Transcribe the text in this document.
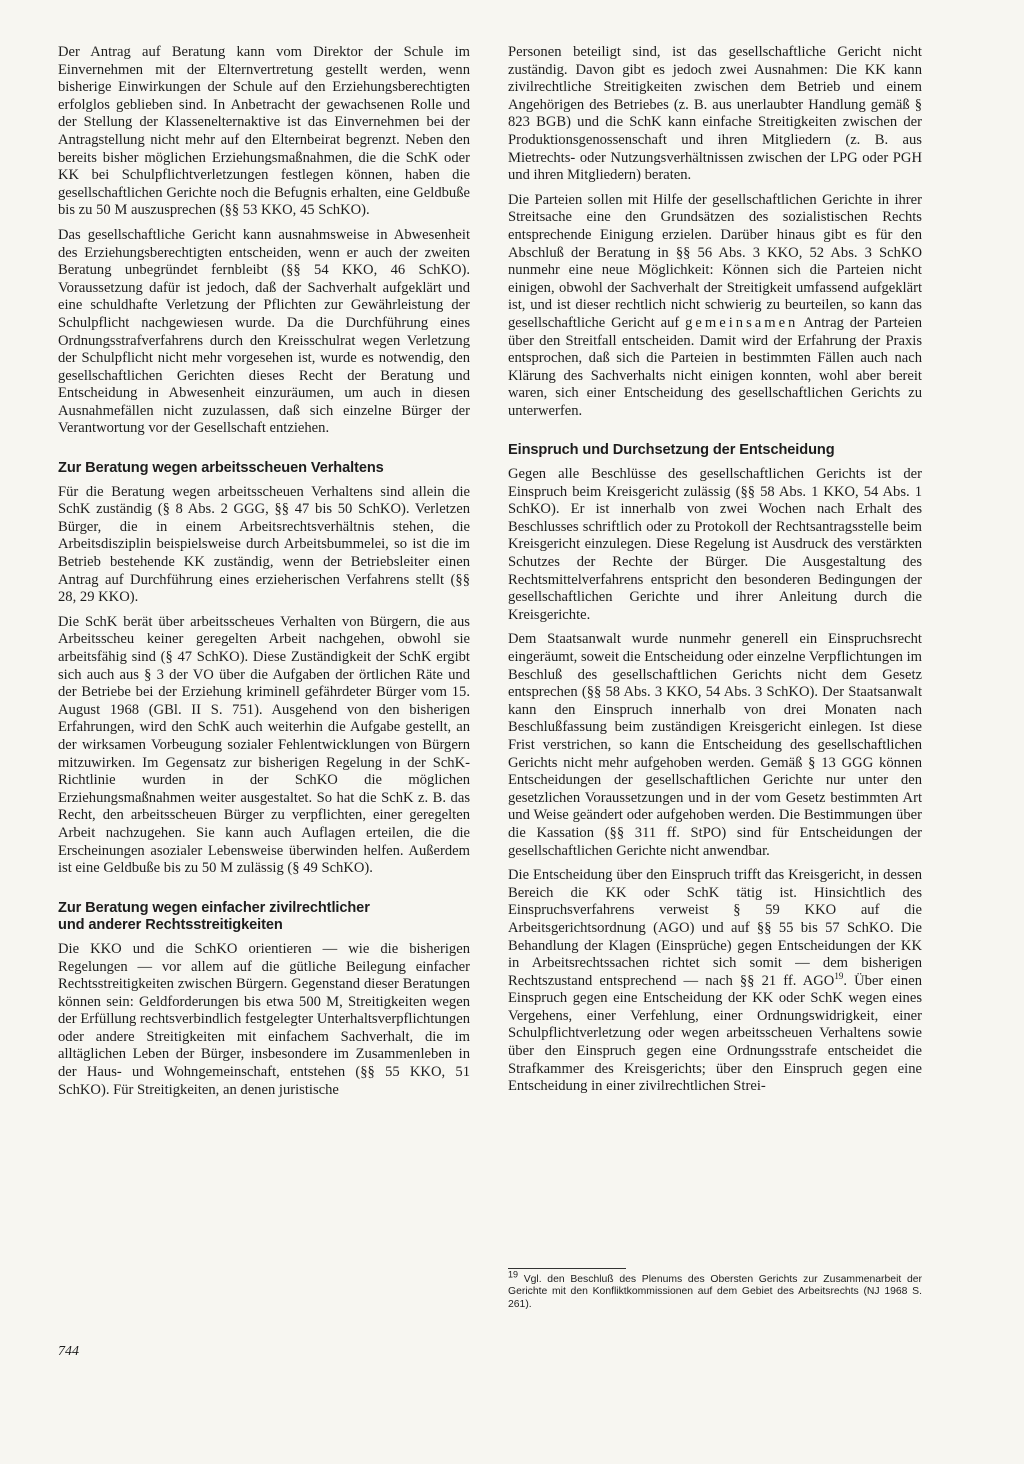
Der Antrag auf Beratung kann vom Direktor der Schule im Einvernehmen mit der Elternvertretung gestellt werden, wenn bisherige Einwirkungen der Schule auf den Erziehungsberechtigten erfolglos geblieben sind. In Anbetracht der gewachsenen Rolle und der Stellung der Klassenelternaktive ist das Einvernehmen bei der Antragstellung nicht mehr auf den Elternbeirat begrenzt. Neben den bereits bisher möglichen Erziehungsmaßnahmen, die die SchK oder KK bei Schulpflichtverletzungen festlegen können, haben die gesellschaftlichen Gerichte noch die Befugnis erhalten, eine Geldbuße bis zu 50 M auszusprechen (§§ 53 KKO, 45 SchKO).

Das gesellschaftliche Gericht kann ausnahmsweise in Abwesenheit des Erziehungsberechtigten entscheiden, wenn er auch der zweiten Beratung unbegründet fernbleibt (§§ 54 KKO, 46 SchKO). Voraussetzung dafür ist jedoch, daß der Sachverhalt aufgeklärt und eine schuldhafte Verletzung der Pflichten zur Gewährleistung der Schulpflicht nachgewiesen wurde. Da die Durchführung eines Ordnungsstrafverfahrens durch den Kreisschulrat wegen Verletzung der Schulpflicht nicht mehr vorgesehen ist, wurde es notwendig, den gesellschaftlichen Gerichten dieses Recht der Beratung und Entscheidung in Abwesenheit einzuräumen, um auch in diesen Ausnahmefällen nicht zuzulassen, daß sich einzelne Bürger der Verantwortung vor der Gesellschaft entziehen.

Zur Beratung wegen arbeitsscheuen Verhaltens

Für die Beratung wegen arbeitsscheuen Verhaltens sind allein die SchK zuständig (§ 8 Abs. 2 GGG, §§ 47 bis 50 SchKO). Verletzen Bürger, die in einem Arbeitsrechtsverhältnis stehen, die Arbeitsdisziplin beispielsweise durch Arbeitsbummelei, so ist die im Betrieb bestehende KK zuständig, wenn der Betriebsleiter einen Antrag auf Durchführung eines erzieherischen Verfahrens stellt (§§ 28, 29 KKO).

Die SchK berät über arbeitsscheues Verhalten von Bürgern, die aus Arbeitsscheu keiner geregelten Arbeit nachgehen, obwohl sie arbeitsfähig sind (§ 47 SchKO). Diese Zuständigkeit der SchK ergibt sich auch aus § 3 der VO über die Aufgaben der örtlichen Räte und der Betriebe bei der Erziehung kriminell gefährdeter Bürger vom 15. August 1968 (GBl. II S. 751). Ausgehend von den bisherigen Erfahrungen, wird den SchK auch weiterhin die Aufgabe gestellt, an der wirksamen Vorbeugung sozialer Fehlentwicklungen von Bürgern mitzuwirken. Im Gegensatz zur bisherigen Regelung in der SchK-Richtlinie wurden in der SchKO die möglichen Erziehungsmaßnahmen weiter ausgestaltet. So hat die SchK z. B. das Recht, den arbeitsscheuen Bürger zu verpflichten, einer geregelten Arbeit nachzugehen. Sie kann auch Auflagen erteilen, die die Erscheinungen asozialer Lebensweise überwinden helfen. Außerdem ist eine Geldbuße bis zu 50 M zulässig (§ 49 SchKO).

Zur Beratung wegen einfacher zivilrechtlicher
und anderer Rechtsstreitigkeiten

Die KKO und die SchKO orientieren — wie die bisherigen Regelungen — vor allem auf die gütliche Beilegung einfacher Rechtsstreitigkeiten zwischen Bürgern. Gegenstand dieser Beratungen können sein: Geldforderungen bis etwa 500 M, Streitigkeiten wegen der Erfüllung rechtsverbindlich festgelegter Unterhaltsverpflichtungen oder andere Streitigkeiten mit einfachem Sachverhalt, die im alltäglichen Leben der Bürger, insbesondere im Zusammenleben in der Haus- und Wohngemeinschaft, entstehen (§§ 55 KKO, 51 SchKO). Für Streitigkeiten, an denen juristische

Personen beteiligt sind, ist das gesellschaftliche Gericht nicht zuständig. Davon gibt es jedoch zwei Ausnahmen: Die KK kann zivilrechtliche Streitigkeiten zwischen dem Betrieb und einem Angehörigen des Betriebes (z. B. aus unerlaubter Handlung gemäß § 823 BGB) und die SchK kann einfache Streitigkeiten zwischen der Produktionsgenossenschaft und ihren Mitgliedern (z. B. aus Mietrechts- oder Nutzungsverhältnissen zwischen der LPG oder PGH und ihren Mitgliedern) beraten.

Die Parteien sollen mit Hilfe der gesellschaftlichen Gerichte in ihrer Streitsache eine den Grundsätzen des sozialistischen Rechts entsprechende Einigung erzielen. Darüber hinaus gibt es für den Abschluß der Beratung in §§ 56 Abs. 3 KKO, 52 Abs. 3 SchKO nunmehr eine neue Möglichkeit: Können sich die Parteien nicht einigen, obwohl der Sachverhalt der Streitigkeit umfassend aufgeklärt ist, und ist dieser rechtlich nicht schwierig zu beurteilen, so kann das gesellschaftliche Gericht auf gemeinsamen Antrag der Parteien über den Streitfall entscheiden. Damit wird der Erfahrung der Praxis entsprochen, daß sich die Parteien in bestimmten Fällen auch nach Klärung des Sachverhalts nicht einigen konnten, wohl aber bereit waren, sich einer Entscheidung des gesellschaftlichen Gerichts zu unterwerfen.

Einspruch und Durchsetzung der Entscheidung

Gegen alle Beschlüsse des gesellschaftlichen Gerichts ist der Einspruch beim Kreisgericht zulässig (§§ 58 Abs. 1 KKO, 54 Abs. 1 SchKO). Er ist innerhalb von zwei Wochen nach Erhalt des Beschlusses schriftlich oder zu Protokoll der Rechtsantragsstelle beim Kreisgericht einzulegen. Diese Regelung ist Ausdruck des verstärkten Schutzes der Rechte der Bürger. Die Ausgestaltung des Rechtsmittelverfahrens entspricht den besonderen Bedingungen der gesellschaftlichen Gerichte und ihrer Anleitung durch die Kreisgerichte.

Dem Staatsanwalt wurde nunmehr generell ein Einspruchsrecht eingeräumt, soweit die Entscheidung oder einzelne Verpflichtungen im Beschluß des gesellschaftlichen Gerichts nicht dem Gesetz entsprechen (§§ 58 Abs. 3 KKO, 54 Abs. 3 SchKO). Der Staatsanwalt kann den Einspruch innerhalb von drei Monaten nach Beschlußfassung beim zuständigen Kreisgericht einlegen. Ist diese Frist verstrichen, so kann die Entscheidung des gesellschaftlichen Gerichts nicht mehr aufgehoben werden. Gemäß § 13 GGG können Entscheidungen der gesellschaftlichen Gerichte nur unter den gesetzlichen Voraussetzungen und in der vom Gesetz bestimmten Art und Weise geändert oder aufgehoben werden. Die Bestimmungen über die Kassation (§§ 311 ff. StPO) sind für Entscheidungen der gesellschaftlichen Gerichte nicht anwendbar.

Die Entscheidung über den Einspruch trifft das Kreisgericht, in dessen Bereich die KK oder SchK tätig ist. Hinsichtlich des Einspruchsverfahrens verweist § 59 KKO auf die Arbeitsgerichtsordnung (AGO) und auf §§ 55 bis 57 SchKO. Die Behandlung der Klagen (Einsprüche) gegen Entscheidungen der KK in Arbeitsrechtssachen richtet sich somit — dem bisherigen Rechtszustand entsprechend — nach §§ 21 ff. AGO$^{19}$. Über einen Einspruch gegen eine Entscheidung der KK oder SchK wegen eines Vergehens, einer Verfehlung, einer Ordnungswidrigkeit, einer Schulpflichtverletzung oder wegen arbeitsscheuen Verhaltens sowie über den Einspruch gegen eine Ordnungsstrafe entscheidet die Strafkammer des Kreisgerichts; über den Einspruch gegen eine Entscheidung in einer zivilrechtlichen Strei-

19 Vgl. den Beschluß des Plenums des Obersten Gerichts zur Zusammenarbeit der Gerichte mit den Konfliktkommissionen auf dem Gebiet des Arbeitsrechts (NJ 1968 S. 261).
744
